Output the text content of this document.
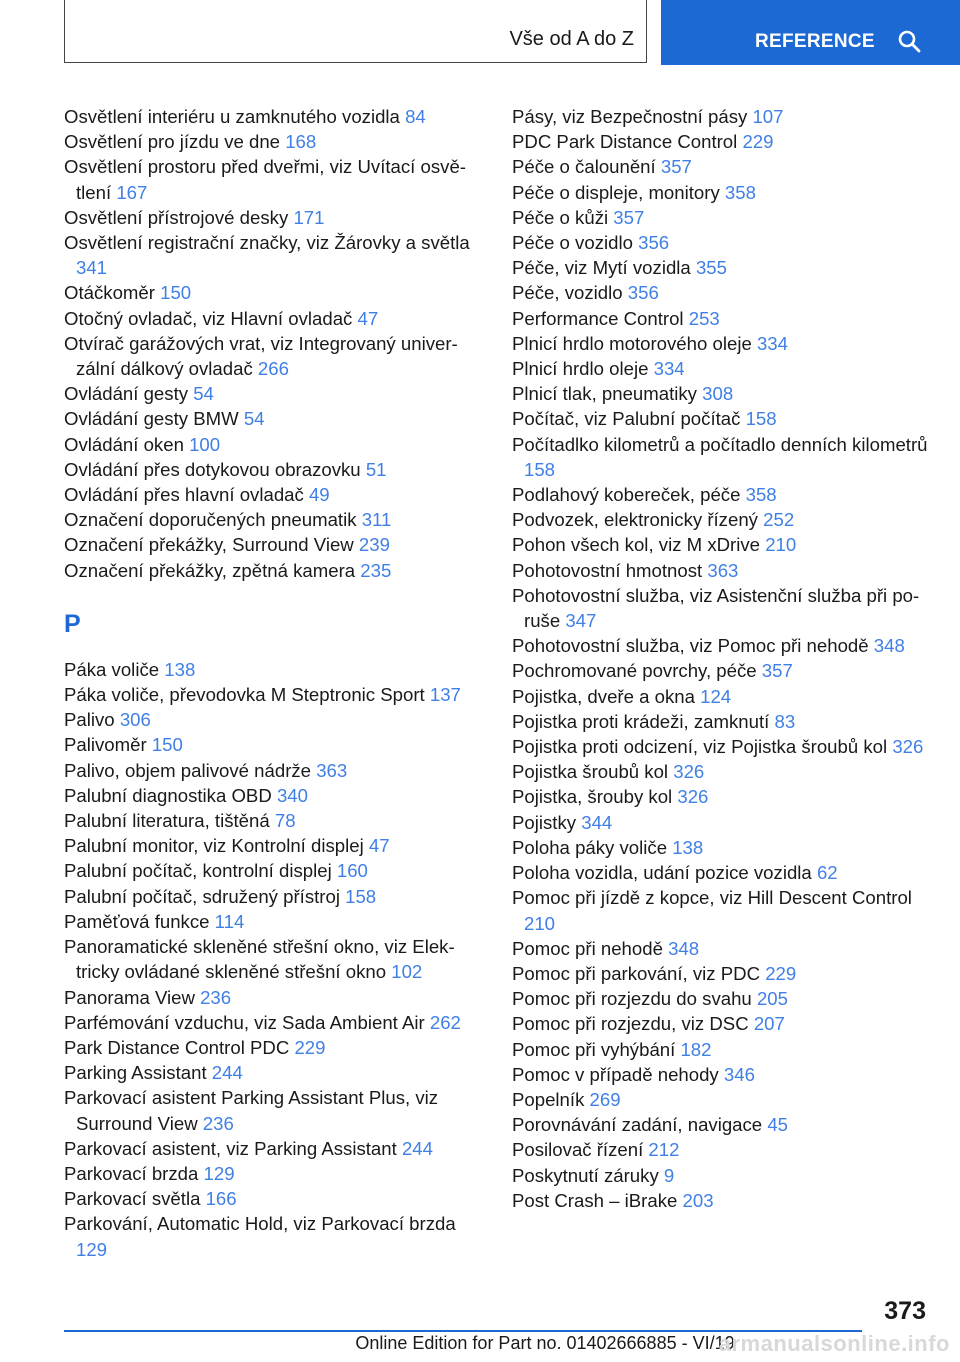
Vše od A do Z	REFERENCE
Osvětlení interiéru u zamknutého vozidla 84
Osvětlení pro jízdu ve dne 168
Osvětlení prostoru před dveřmi, viz Uvítací osvětlení 167
Osvětlení přístrojové desky 171
Osvětlení registrační značky, viz Žárovky a světla 341
Otáčkoměr 150
Otočný ovladač, viz Hlavní ovladač 47
Otvírač garážových vrat, viz Integrovaný univerzální dálkový ovladač 266
Ovládání gesty 54
Ovládání gesty BMW 54
Ovládání oken 100
Ovládání přes dotykovou obrazovku 51
Ovládání přes hlavní ovladač 49
Označení doporučených pneumatik 311
Označení překážky, Surround View 239
Označení překážky, zpětná kamera 235
P
Páka voliče 138
Páka voliče, převodovka M Steptronic Sport 137
Palivo 306
Palivoměr 150
Palivo, objem palivové nádrže 363
Palubní diagnostika OBD 340
Palubní literatura, tištěná 78
Palubní monitor, viz Kontrolní displej 47
Palubní počítač, kontrolní displej 160
Palubní počítač, sdružený přístroj 158
Paměťová funkce 114
Panoramatické skleněné střešní okno, viz Elektricky ovládané skleněné střešní okno 102
Panorama View 236
Parfémování vzduchu, viz Sada Ambient Air 262
Park Distance Control PDC 229
Parking Assistant 244
Parkovací asistent Parking Assistant Plus, viz Surround View 236
Parkovací asistent, viz Parking Assistant 244
Parkovací brzda 129
Parkovací světla 166
Parkování, Automatic Hold, viz Parkovací brzda 129
Pásy, viz Bezpečnostní pásy 107
PDC Park Distance Control 229
Péče o čalounění 357
Péče o displeje, monitory 358
Péče o kůži 357
Péče o vozidlo 356
Péče, viz Mytí vozidla 355
Péče, vozidlo 356
Performance Control 253
Plnicí hrdlo motorového oleje 334
Plnicí hrdlo oleje 334
Plnicí tlak, pneumatiky 308
Počítač, viz Palubní počítač 158
Počítadlko kilometrů a počítadlo denních kilometrů 158
Podlahový kobereček, péče 358
Podvozek, elektronicky řízený 252
Pohon všech kol, viz M xDrive 210
Pohotovostní hmotnost 363
Pohotovostní služba, viz Asistenční služba při poruše 347
Pohotovostní služba, viz Pomoc při nehodě 348
Pochromované povrchy, péče 357
Pojistka, dveře a okna 124
Pojistka proti krádeži, zamknutí 83
Pojistka proti odcizení, viz Pojistka šroubů kol 326
Pojistka šroubů kol 326
Pojistka, šrouby kol 326
Pojistky 344
Poloha páky voliče 138
Poloha vozidla, udání pozice vozidla 62
Pomoc při jízdě z kopce, viz Hill Descent Control 210
Pomoc při nehodě 348
Pomoc při parkování, viz PDC 229
Pomoc při rozjezdu do svahu 205
Pomoc při rozjezdu, viz DSC 207
Pomoc při vyhýbání 182
Pomoc v případě nehody 346
Popelník 269
Porovnávání zadání, navigace 45
Posilovač řízení 212
Poskytnutí záruky 9
Post Crash – iBrake 203
373
Online Edition for Part no. 01402666885 - VI/19
armanualsonline.info
